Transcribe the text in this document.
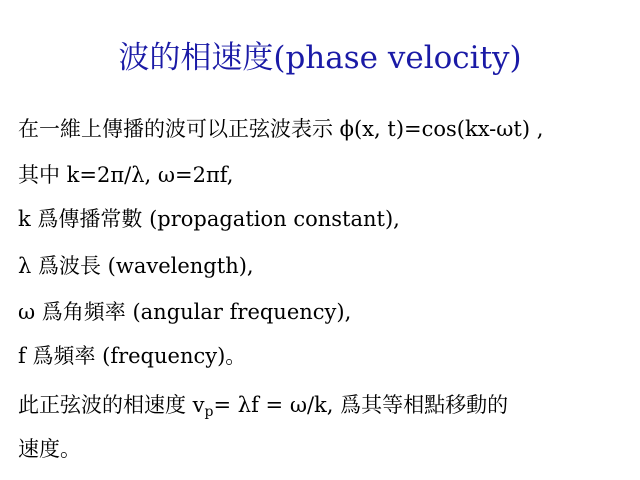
波的相速度(phase velocity)
在一維上傳播的波可以正弦波表示 ϕ(x, t)=cos(kx-ωt) ,
其中 k=2π/λ, ω=2πf,
k 爲傳播常數 (propagation constant),
λ 爲波長 (wavelength),
ω 爲角頻率 (angular frequency),
f 爲頻率 (frequency)。
此正弦波的相速度 $v_p= \lambda f = \omega/k$, 爲其等相點移動的
速度。
